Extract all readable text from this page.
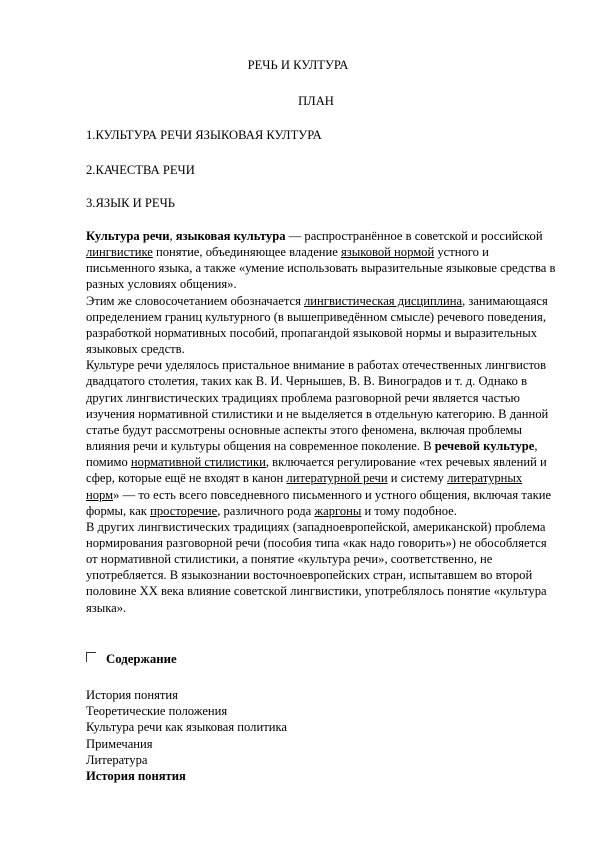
РЕЧЬ И КУЛТУРА
ПЛАН
1.КУЛЬТУРА РЕЧИ ЯЗЫКОВАЯ КУЛТУРА
2.КАЧЕСТВА РЕЧИ
3.ЯЗЫК И РЕЧЬ

Культура речи, языковая культура — распространённое в советской и российской лингвистике понятие, объединяющее владение языковой нормой устного и письменного языка, а также «умение использовать выразительные языковые средства в разных условиях общения».

Этим же словосочетанием обозначается лингвистическая дисциплина, занимающаяся определением границ культурного (в вышеприведённом смысле) речевого поведения, разработкой нормативных пособий, пропагандой языковой нормы и выразительных языковых средств.

Культуре речи уделялось пристальное внимание в работах отечественных лингвистов двадцатого столетия, таких как В. И. Чернышев, В. В. Виноградов и т. д. Однако в других лингвистических традициях проблема разговорной речи является частью изучения нормативной стилистики и не выделяется в отдельную категорию. В данной статье будут рассмотрены основные аспекты этого феномена, включая проблемы влияния речи и культуры общения на современное поколение. В речевой культуре, помимо нормативной стилистики, включается регулирование «тех речевых явлений и сфер, которые ещё не входят в канон литературной речи и систему литературных норм» — то есть всего повседневного письменного и устного общения, включая такие формы, как просторечие, различного рода жаргоны и тому подобное.

В других лингвистических традициях (западноевропейской, американской) проблема нормирования разговорной речи (пособия типа «как надо говорить») не обособляется от нормативной стилистики, а понятие «культура речи», соответственно, не употребляется. В языкознании восточноевропейских стран, испытавшем во второй половине XX века влияние советской лингвистики, употреблялось понятие «культура языка».

Содержание
История понятия
Теоретические положения
Культура речи как языковая политика
Примечания
Литература
История понятия
